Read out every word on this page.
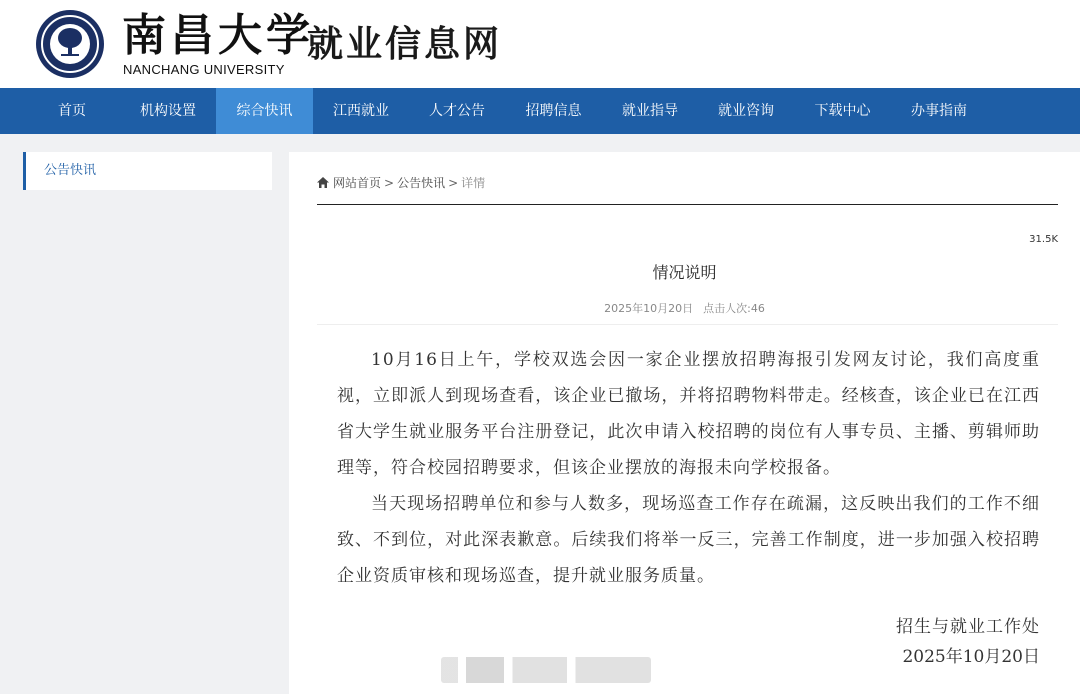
南昌大学
NANCHANG UNIVERSITY
就业信息网
首页	机构设置	综合快讯	江西就业	人才公告	招聘信息	就业指导	就业咨询	下载中心	办事指南
公告快讯
网站首页 > 公告快讯 > 详情
31.5K
情况说明
2025年10月20日 点击人次:46

10月16日上午，学校双选会因一家企业摆放招聘海报引发网友讨论，我们高度重视，立即派人到现场查看，该企业已撤场，并将招聘物料带走。经核查，该企业已在江西省大学生就业服务平台注册登记，此次申请入校招聘的岗位有人事专员、主播、剪辑师助理等，符合校园招聘要求，但该企业摆放的海报未向学校报备。

当天现场招聘单位和参与人数多，现场巡查工作存在疏漏，这反映出我们的工作不细致、不到位，对此深表歉意。后续我们将举一反三，完善工作制度，进一步加强入校招聘企业资质审核和现场巡查，提升就业服务质量。

招生与就业工作处
2025年10月20日
